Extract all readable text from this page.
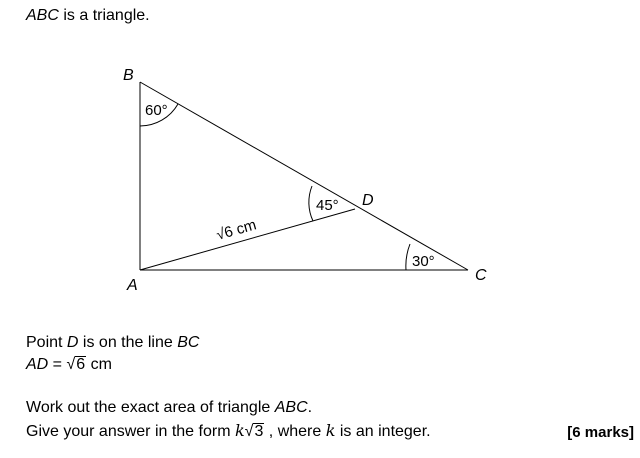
ABC is a triangle.
B
A
C
D
60°
45°
30°
√6 cm
Point D is on the line BC
AD = √6 cm
Work out the exact area of triangle ABC.
Give your answer in the form k√3 , where k is an integer.	[6 marks]
